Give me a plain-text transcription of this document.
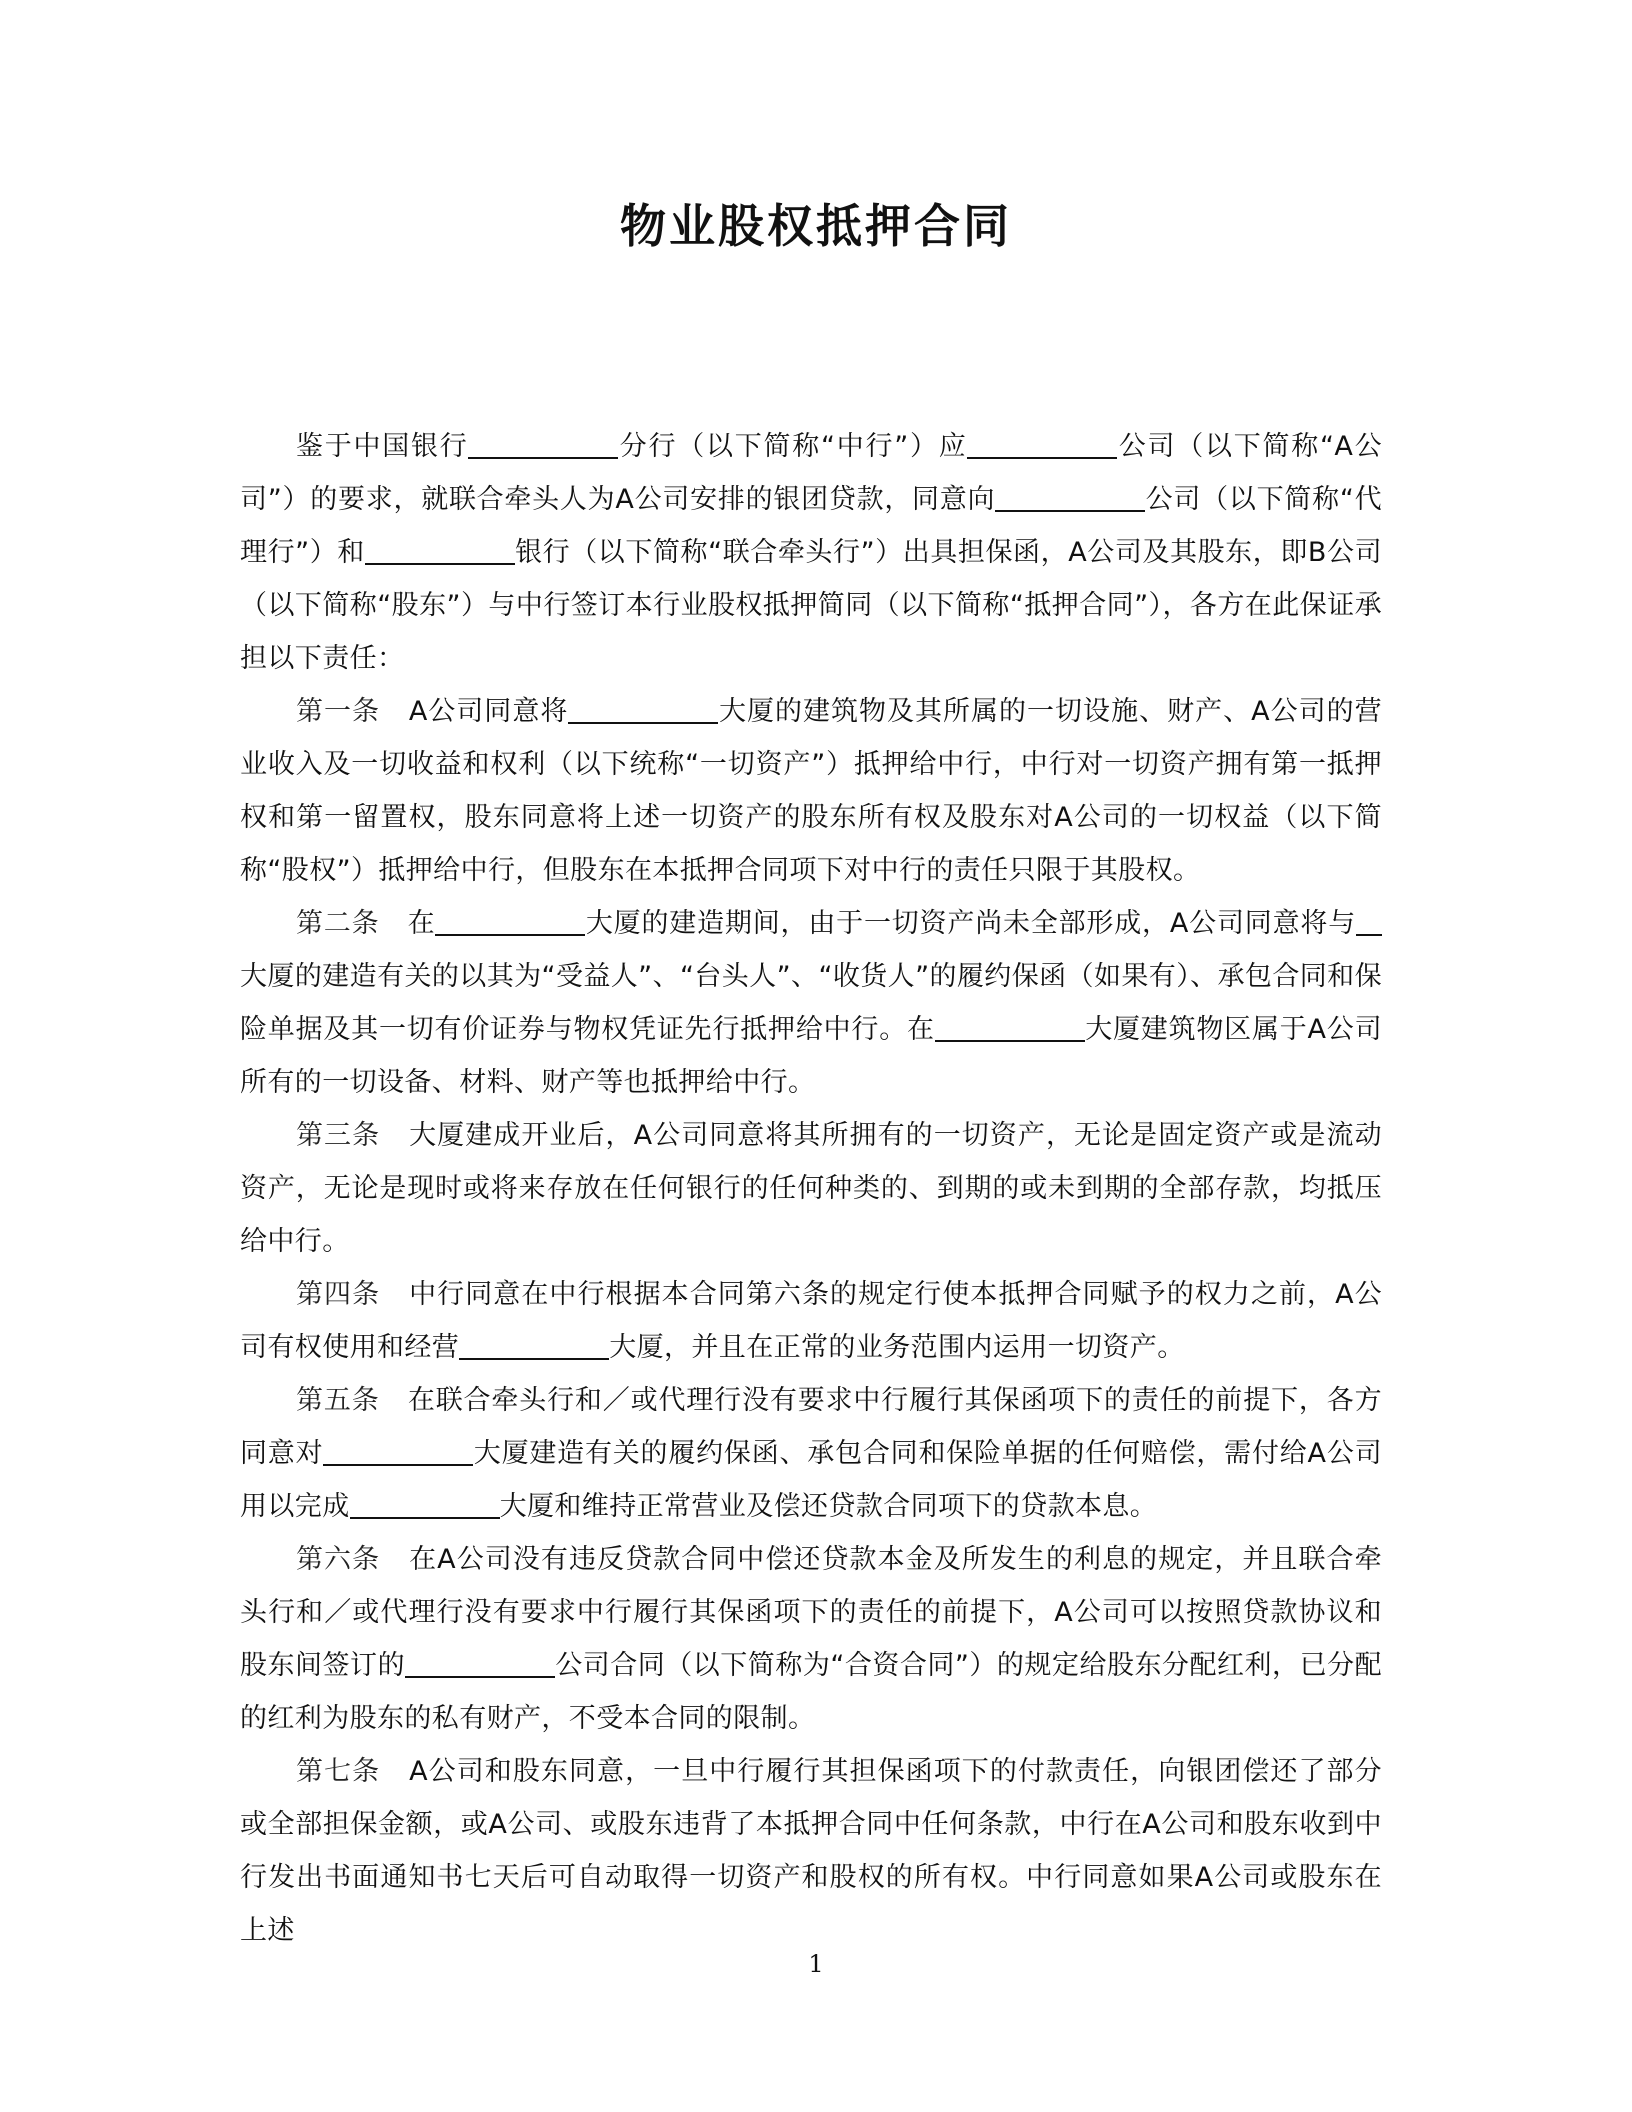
物业股权抵押合同

鉴于中国银行	分行（以下简称“中行”）应	公司（以下简称“A公司”）的要求，就联合牵头人为A公司安排的银团贷款，同意向	公司（以下简称“代理行”）和	银行（以下简称“联合牵头行”）出具担保函，A公司及其股东，即B公司（以下简称“股东”）与中行签订本行业股权抵押简同（以下简称“抵押合同”），各方在此保证承担以下责任：

第一条 A公司同意将	大厦的建筑物及其所属的一切设施、财产、A公司的营业收入及一切收益和权利（以下统称“一切资产”）抵押给中行，中行对一切资产拥有第一抵押权和第一留置权，股东同意将上述一切资产的股东所有权及股东对A公司的一切权益（以下简称“股权”）抵押给中行，但股东在本抵押合同项下对中行的责任只限于其股权。

第二条 在	大厦的建造期间，由于一切资产尚未全部形成，A公司同意将与大厦的建造有关的以其为“受益人”、“台头人”、“收货人”的履约保函（如果有）、承包合同和保险单据及其一切有价证券与物权凭证先行抵押给中行。在	大厦建筑物区属于A公司所有的一切设备、材料、财产等也抵押给中行。

第三条 大厦建成开业后，A公司同意将其所拥有的一切资产，无论是固定资产或是流动资产，无论是现时或将来存放在任何银行的任何种类的、到期的或未到期的全部存款，均抵压给中行。

第四条 中行同意在中行根据本合同第六条的规定行使本抵押合同赋予的权力之前，A公司有权使用和经营	大厦，并且在正常的业务范围内运用一切资产。

第五条 在联合牵头行和／或代理行没有要求中行履行其保函项下的责任的前提下，各方同意对	大厦建造有关的履约保函、承包合同和保险单据的任何赔偿，需付给A公司用以完成	大厦和维持正常营业及偿还贷款合同项下的贷款本息。

第六条 在A公司没有违反贷款合同中偿还贷款本金及所发生的利息的规定，并且联合牵头行和／或代理行没有要求中行履行其保函项下的责任的前提下，A公司可以按照贷款协议和股东间签订的	公司合同（以下简称为“合资合同”）的规定给股东分配红利，已分配的红利为股东的私有财产，不受本合同的限制。

第七条 A公司和股东同意，一旦中行履行其担保函项下的付款责任，向银团偿还了部分或全部担保金额，或A公司、或股东违背了本抵押合同中任何条款，中行在A公司和股东收到中行发出书面通知书七天后可自动取得一切资产和股权的所有权。中行同意如果A公司或股东在上述

1
